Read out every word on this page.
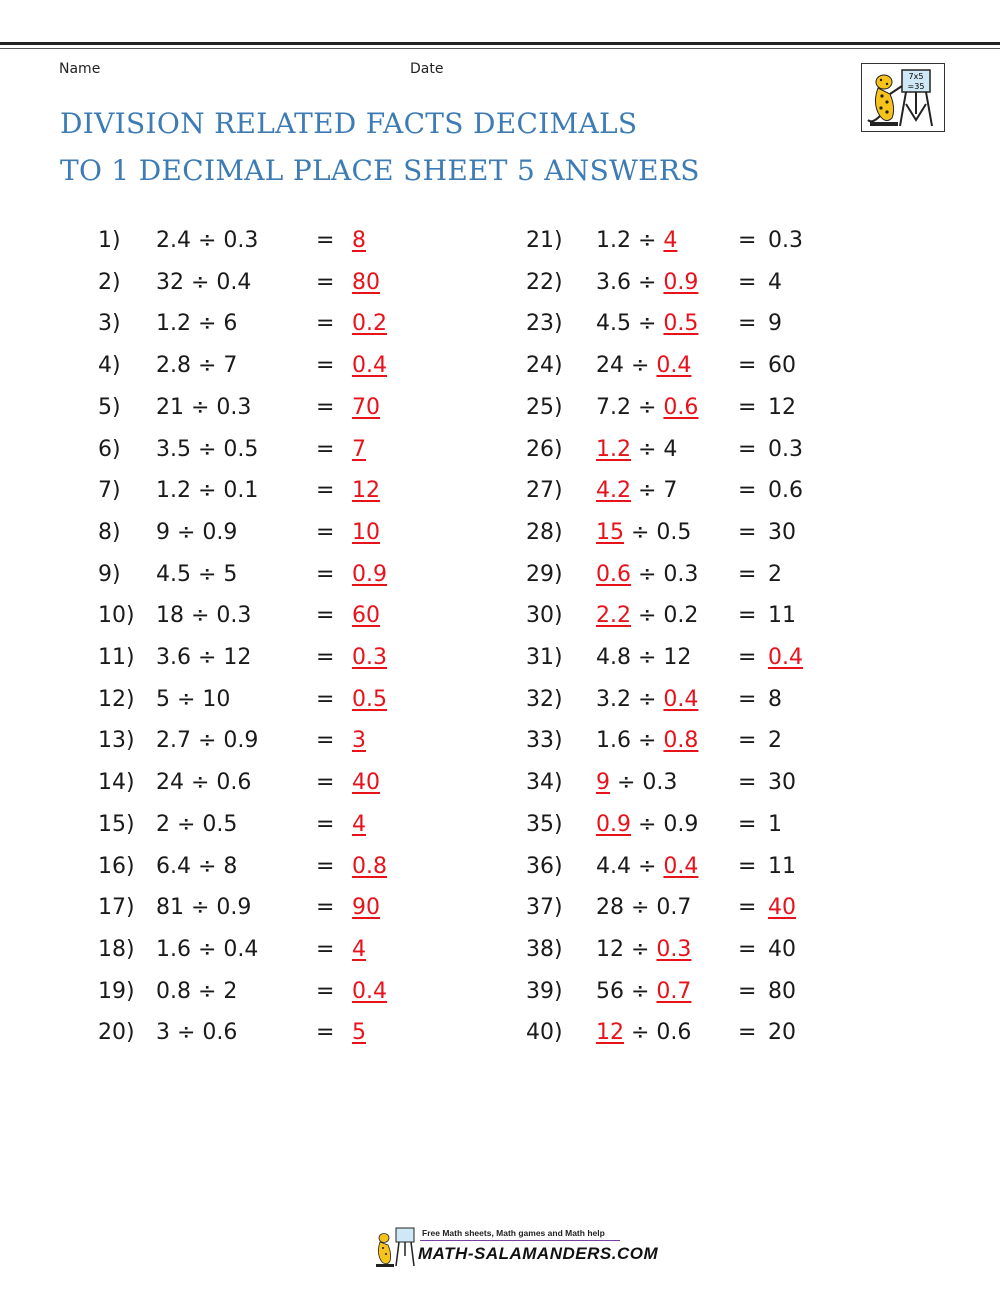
Name	Date
DIVISION RELATED FACTS DECIMALS
TO 1 DECIMAL PLACE SHEET 5 ANSWERS
7x5
=35
1) 2.4 ÷ 0.3	= 8
2) 32 ÷ 0.4	= 80
3) 1.2 ÷ 6	= 0.2
4) 2.8 ÷ 7	= 0.4
5) 21 ÷ 0.3	= 70
6) 3.5 ÷ 0.5	= 7
7) 1.2 ÷ 0.1	= 12
8) 9 ÷ 0.9	= 10
9) 4.5 ÷ 5	= 0.9
10) 18 ÷ 0.3	= 60
11) 3.6 ÷ 12	= 0.3
12) 5 ÷ 10	= 0.5
13) 2.7 ÷ 0.9	= 3
14) 24 ÷ 0.6	= 40
15) 2 ÷ 0.5	= 4
16) 6.4 ÷ 8	= 0.8
17) 81 ÷ 0.9	= 90
18) 1.6 ÷ 0.4	= 4
19) 0.8 ÷ 2	= 0.4
20) 3 ÷ 0.6	= 5
21) 1.2 ÷ 4	= 0.3
22) 3.6 ÷ 0.9 = 4
23) 4.5 ÷ 0.5 = 9
24) 24 ÷ 0.4 = 60
25) 7.2 ÷ 0.6 = 12
26) 1.2 ÷ 4	= 0.3
27) 4.2 ÷ 7	= 0.6
28) 15 ÷ 0.5 = 30
29) 0.6 ÷ 0.3 = 2
30) 2.2 ÷ 0.2 = 11
31) 4.8 ÷ 12 = 0.4
32) 3.2 ÷ 0.4 = 8
33) 1.6 ÷ 0.8 = 2
34) 9 ÷ 0.3	= 30
35) 0.9 ÷ 0.9 = 1
36) 4.4 ÷ 0.4 = 11
37) 28 ÷ 0.7 = 40
38) 12 ÷ 0.3 = 40
39) 56 ÷ 0.7 = 80
40) 12 ÷ 0.6 = 20
Free Math sheets, Math games and Math help
MATH-SALAMANDERS.COM
